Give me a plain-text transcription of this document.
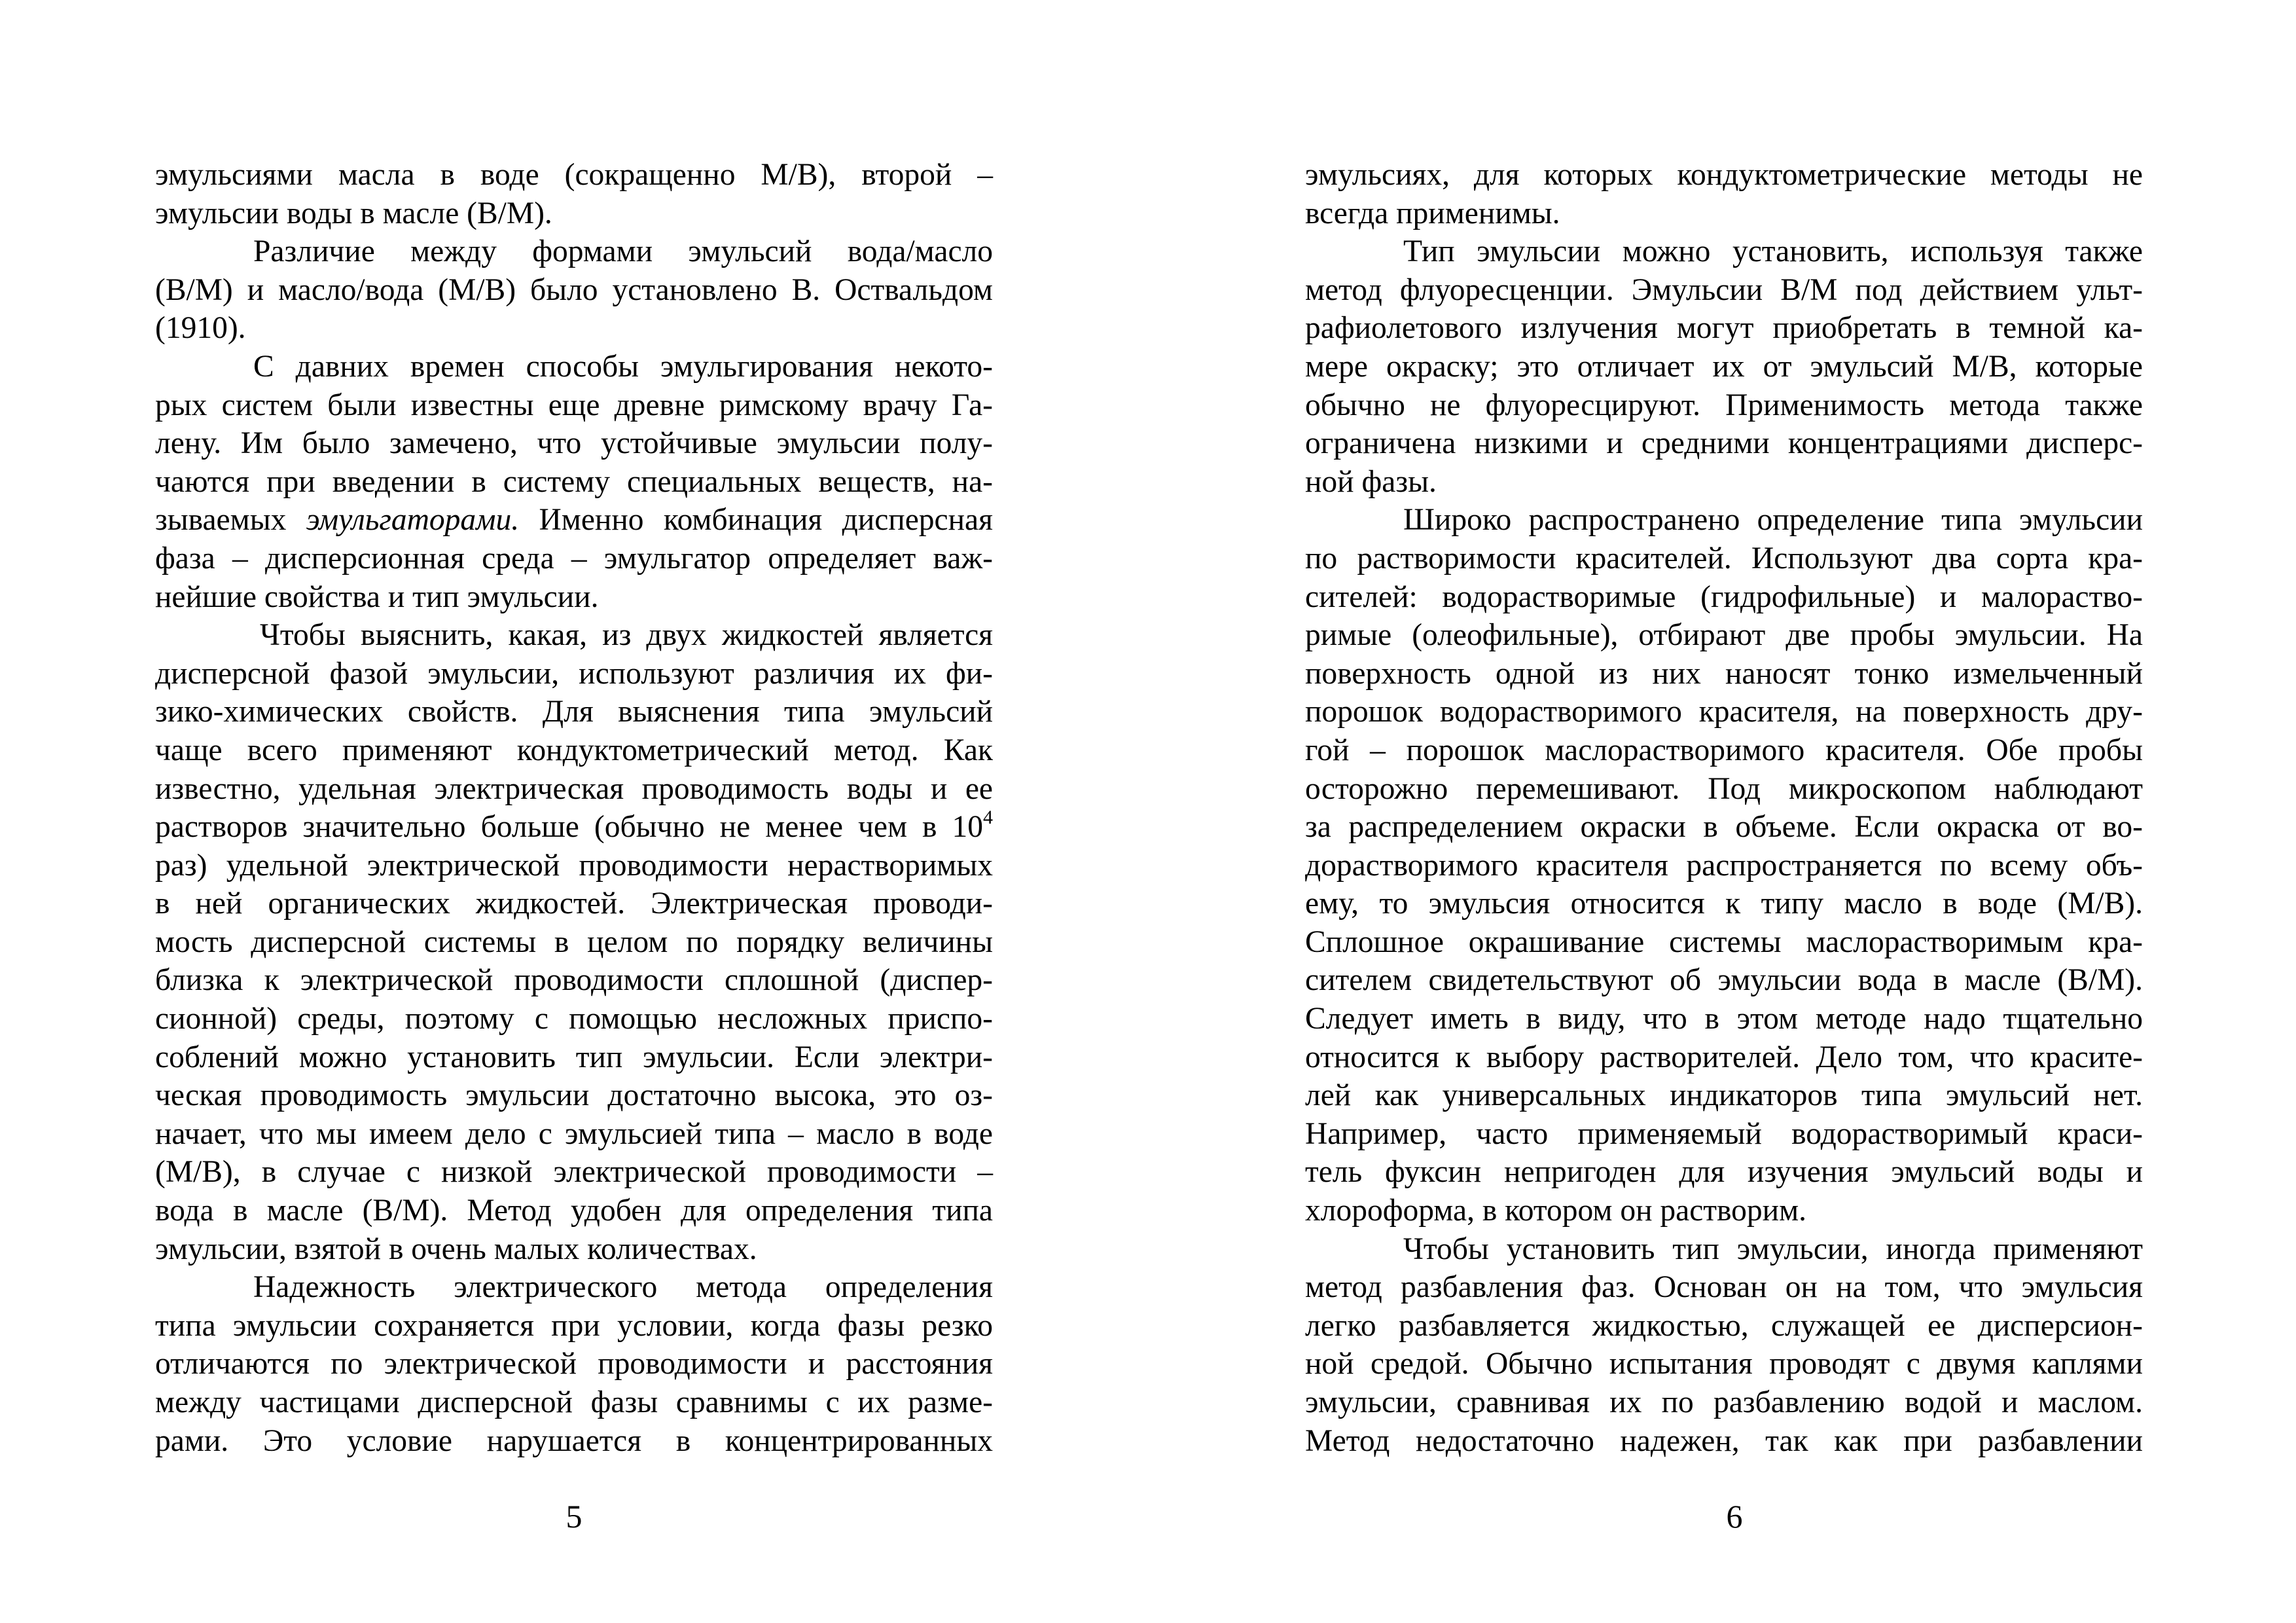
эмульсиями масла в воде (сокращенно М/В), второй –
эмульсии воды в масле (В/М).
Различие между формами эмульсий вода/масло
(В/М) и масло/вода (М/В) было установлено В. Оствальдом
(1910).
С давних времен способы эмульгирования некото-
рых систем были известны еще древне римскому врачу Га-
лену. Им было замечено, что устойчивые эмульсии полу-
чаются при введении в систему специальных веществ, на-
зываемых эмульгаторами. Именно комбинация дисперсная
фаза – дисперсионная среда – эмульгатор определяет важ-
нейшие свойства и тип эмульсии.
Чтобы выяснить, какая, из двух жидкостей является
дисперсной фазой эмульсии, используют различия их фи-
зико-химических свойств. Для выяснения типа эмульсий
чаще всего применяют кондуктометрический метод. Как
известно, удельная электрическая проводимость воды и ее
растворов значительно больше (обычно не менее чем в $10^4$
раз) удельной электрической проводимости нерастворимых
в ней органических жидкостей. Электрическая проводи-
мость дисперсной системы в целом по порядку величины
близка к электрической проводимости сплошной (диспер-
сионной) среды, поэтому с помощью несложных приспо-
соблений можно установить тип эмульсии. Если электри-
ческая проводимость эмульсии достаточно высока, это оз-
начает, что мы имеем дело с эмульсией типа – масло в воде
(М/В), в случае с низкой электрической проводимости –
вода в масле (В/М). Метод удобен для определения типа
эмульсии, взятой в очень малых количествах.
Надежность электрического метода определения
типа эмульсии сохраняется при условии, когда фазы резко
отличаются по электрической проводимости и расстояния
между частицами дисперсной фазы сравнимы с их разме-
рами. Это условие нарушается в концентрированных
5
эмульсиях, для которых кондуктометрические методы не
всегда применимы.
Тип эмульсии можно установить, используя также
метод флуоресценции. Эмульсии В/М под действием ульт-
рафиолетового излучения могут приобретать в темной ка-
мере окраску; это отличает их от эмульсий М/В, которые
обычно не флуоресцируют. Применимость метода также
ограничена низкими и средними концентрациями дисперс-
ной фазы.
Широко распространено определение типа эмульсии
по растворимости красителей. Используют два сорта кра-
сителей: водорастворимые (гидрофильные) и малораство-
римые (олеофильные), отбирают две пробы эмульсии. На
поверхность одной из них наносят тонко измельченный
порошок водорастворимого красителя, на поверхность дру-
гой – порошок маслорастворимого красителя. Обе пробы
осторожно перемешивают. Под микроскопом наблюдают
за распределением окраски в объеме. Если окраска от во-
дорастворимого красителя распространяется по всему объ-
ему, то эмульсия относится к типу масло в воде (М/В).
Сплошное окрашивание системы маслорастворимым кра-
сителем свидетельствуют об эмульсии вода в масле (В/М).
Следует иметь в виду, что в этом методе надо тщательно
относится к выбору растворителей. Дело том, что красите-
лей как универсальных индикаторов типа эмульсий нет.
Например, часто применяемый водорастворимый краси-
тель фуксин непригоден для изучения эмульсий воды и
хлороформа, в котором он растворим.
Чтобы установить тип эмульсии, иногда применяют
метод разбавления фаз. Основан он на том, что эмульсия
легко разбавляется жидкостью, служащей ее дисперсион-
ной средой. Обычно испытания проводят с двумя каплями
эмульсии, сравнивая их по разбавлению водой и маслом.
Метод недостаточно надежен, так как при разбавлении
6
